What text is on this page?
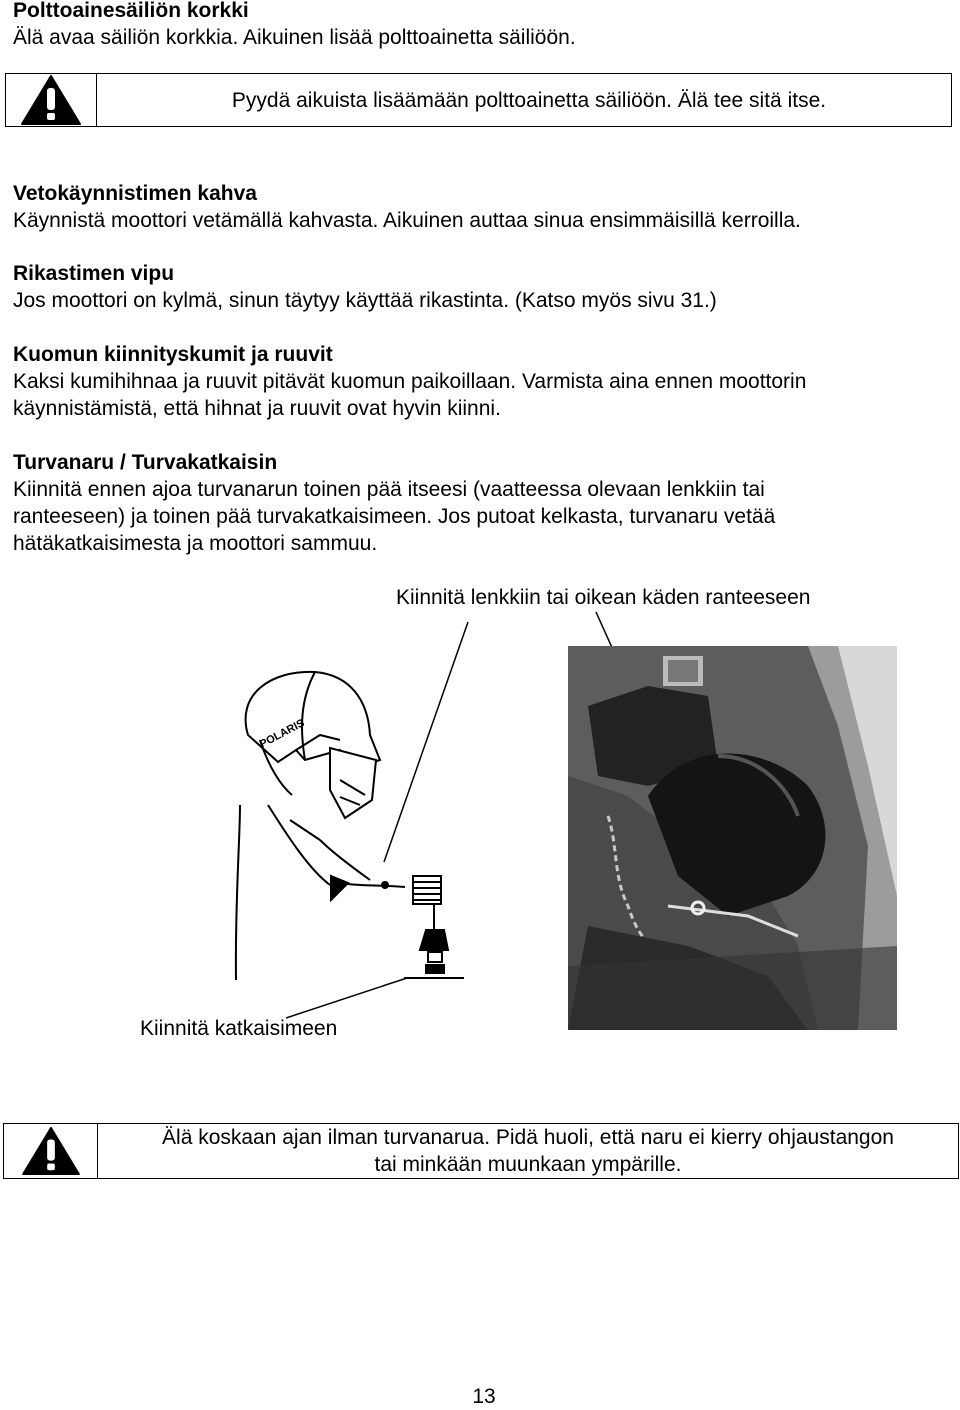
Polttoainesäiliön korkki
Älä avaa säiliön korkkia. Aikuinen lisää polttoainetta säiliöön.
Pyydä aikuista lisäämään polttoainetta säiliöön. Älä tee sitä itse.
Vetokäynnistimen kahva
Käynnistä moottori vetämällä kahvasta. Aikuinen auttaa sinua ensimmäisillä kerroilla.
Rikastimen vipu
Jos moottori on kylmä, sinun täytyy käyttää rikastinta. (Katso myös sivu 31.)
Kuomun kiinnityskumit ja ruuvit
Kaksi kumihihnaa ja ruuvit pitävät kuomun paikoillaan. Varmista aina ennen moottorin
käynnistämistä, että hihnat ja ruuvit ovat hyvin kiinni.
Turvanaru / Turvakatkaisin
Kiinnitä ennen ajoa turvanarun toinen pää itseesi (vaatteessa olevaan lenkkiin tai
ranteeseen) ja toinen pää turvakatkaisimeen. Jos putoat kelkasta, turvanaru vetää
hätäkatkaisimesta ja moottori sammuu.
Kiinnitä lenkkiin tai oikean käden ranteeseen
Kiinnitä katkaisimeen
POLARIS
Älä koskaan ajan ilman turvanarua. Pidä huoli, että naru ei kierry ohjaustangon
tai minkään muunkaan ympärille.
13
